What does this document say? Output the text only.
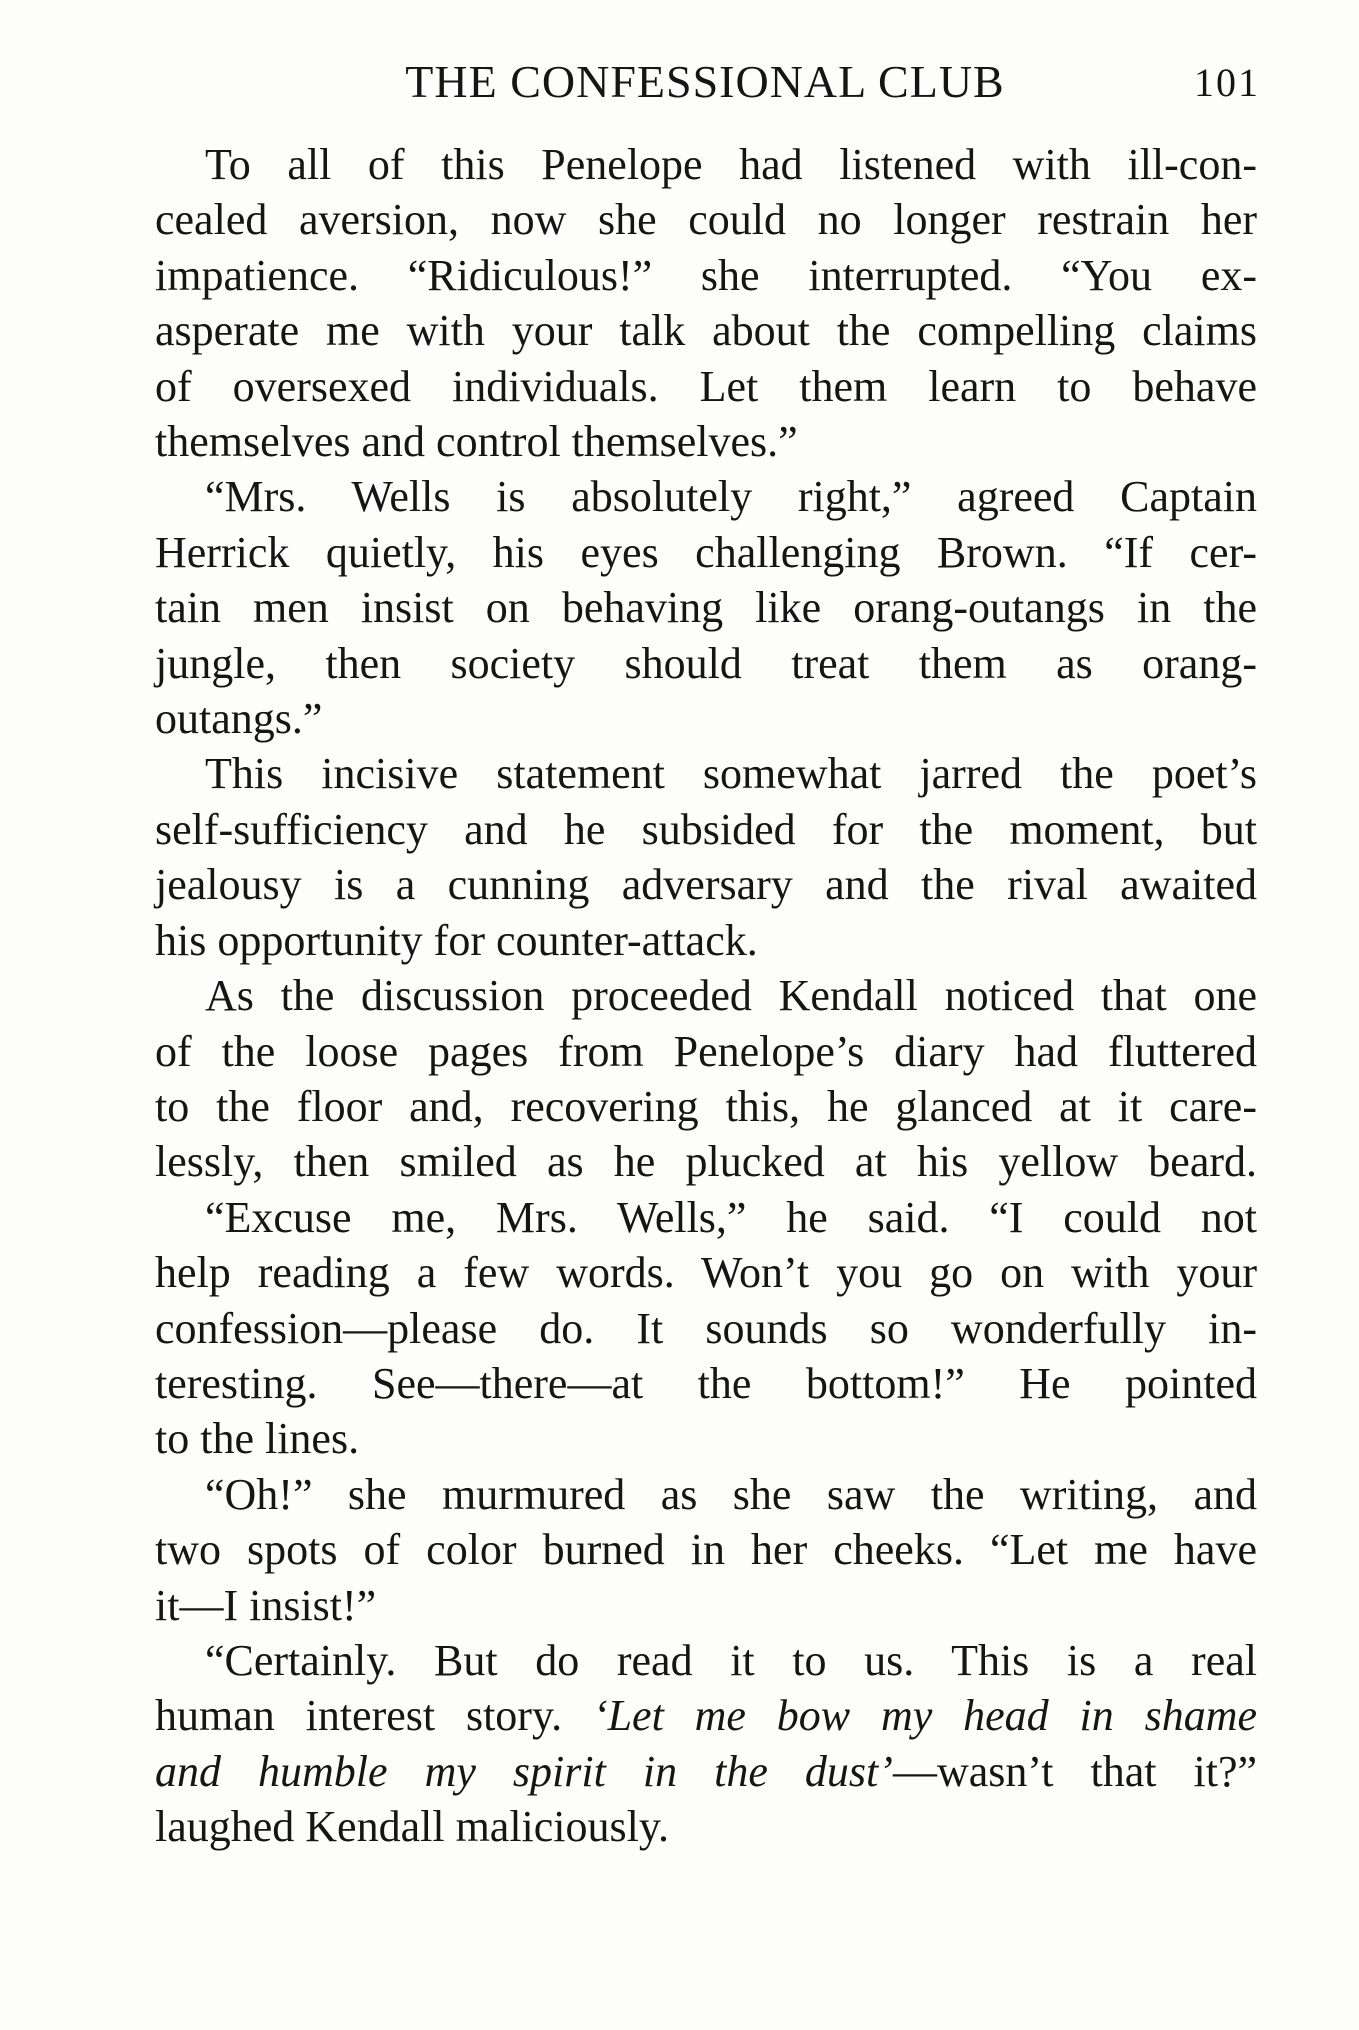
THE CONFESSIONAL CLUB	101
To all of this Penelope had listened with ill-con-
cealed aversion, now she could no longer restrain her
impatience. “Ridiculous!” she interrupted. “You ex-
asperate me with your talk about the compelling claims
of oversexed individuals. Let them learn to behave
themselves and control themselves.”
“Mrs. Wells is absolutely right,” agreed Captain
Herrick quietly, his eyes challenging Brown. “If cer-
tain men insist on behaving like orang-outangs in the
jungle, then society should treat them as orang-
outangs.”
This incisive statement somewhat jarred the poet’s
self-sufficiency and he subsided for the moment, but
jealousy is a cunning adversary and the rival awaited
his opportunity for counter-attack.
As the discussion proceeded Kendall noticed that one
of the loose pages from Penelope’s diary had fluttered
to the floor and, recovering this, he glanced at it care-
lessly, then smiled as he plucked at his yellow beard.
“Excuse me, Mrs. Wells,” he said. “I could not
help reading a few words. Won’t you go on with your
confession—please do. It sounds so wonderfully in-
teresting. See—there—at the bottom!” He pointed
to the lines.
“Oh!” she murmured as she saw the writing, and
two spots of color burned in her cheeks. “Let me have
it—I insist!”
“Certainly. But do read it to us. This is a real
human interest story. ‘Let me bow my head in shame
and humble my spirit in the dust’—wasn’t that it?”
laughed Kendall maliciously.
